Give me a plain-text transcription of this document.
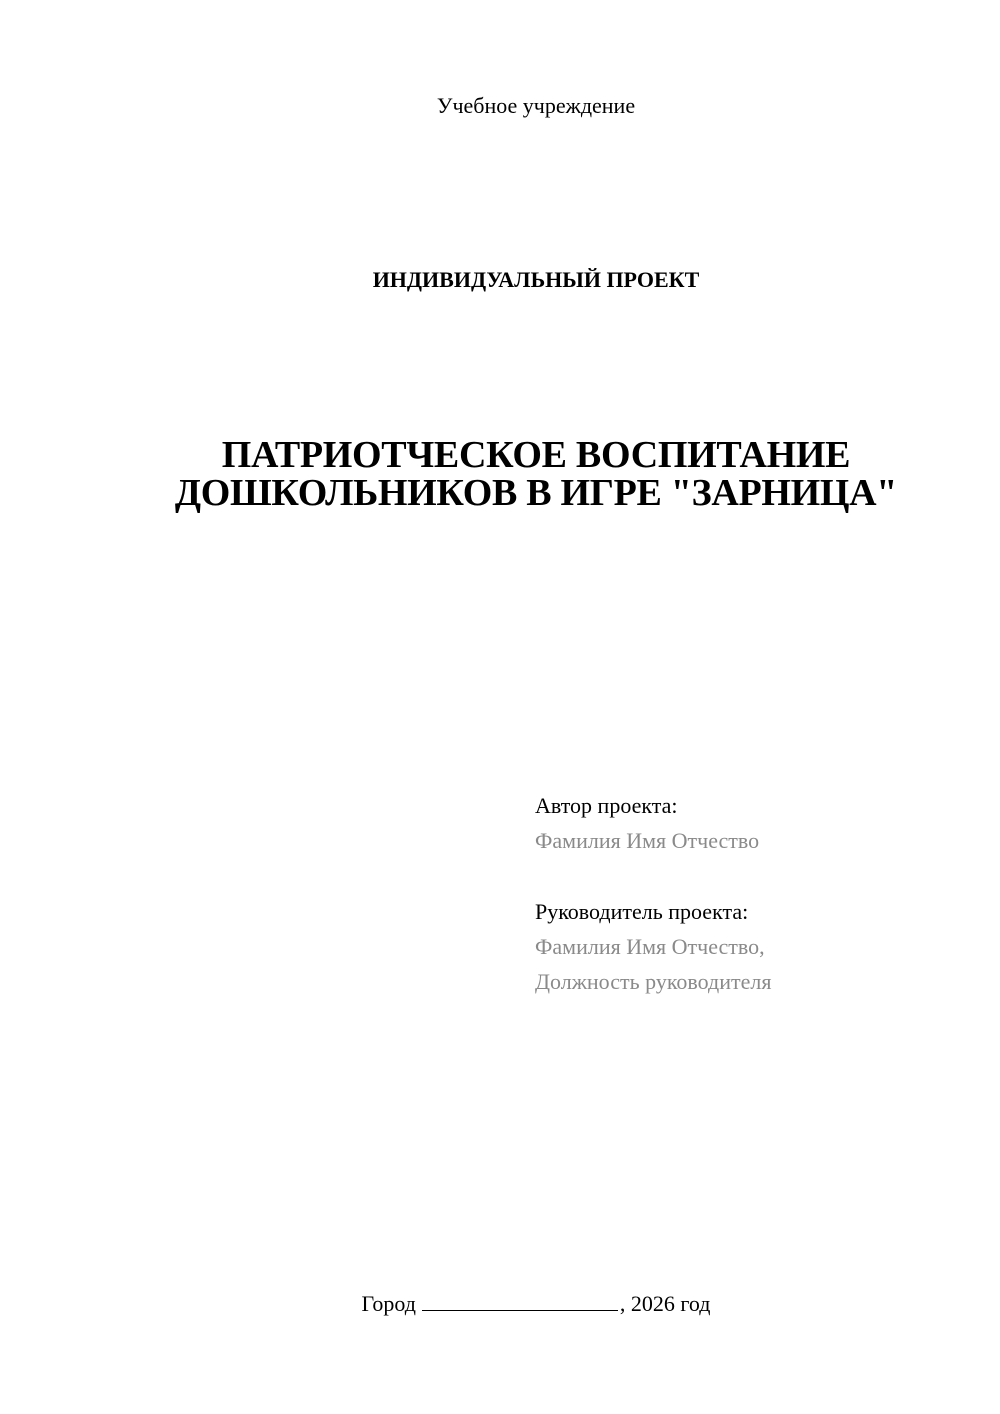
Учебное учреждение
ИНДИВИДУАЛЬНЫЙ ПРОЕКТ
ПАТРИОТЧЕСКОЕ ВОСПИТАНИЕ
ДОШКОЛЬНИКОВ В ИГРЕ "ЗАРНИЦА"
Автор проекта:
Фамилия Имя Отчество
Руководитель проекта:
Фамилия Имя Отчество,
Должность руководителя
Город	, 2026 год
